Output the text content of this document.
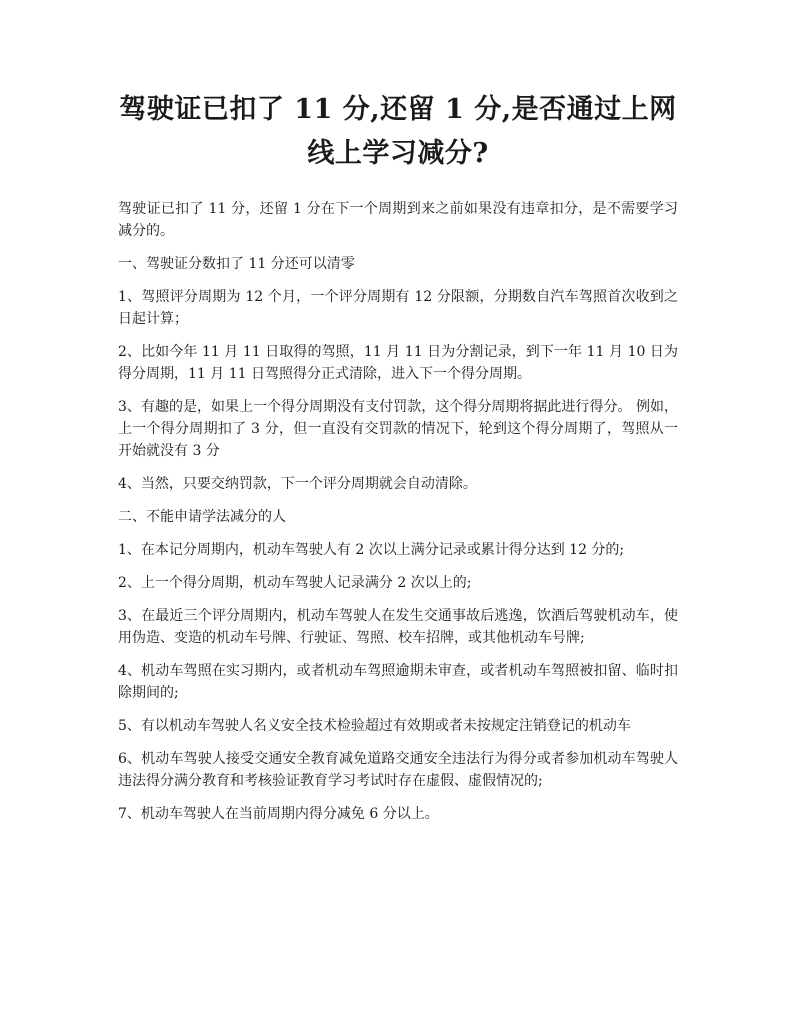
驾驶证已扣了 11 分,还留 1 分,是否通过上网
线上学习减分?

驾驶证已扣了 11 分，还留 1 分在下一个周期到来之前如果没有违章扣分，是不需要学习减分的。

一、驾驶证分数扣了 11 分还可以清零

1、驾照评分周期为 12 个月，一个评分周期有 12 分限额，分期数自汽车驾照首次收到之日起计算；

2、比如今年 11 月 11 日取得的驾照，11 月 11 日为分割记录，到下一年 11 月 10 日为得分周期，11 月 11 日驾照得分正式清除，进入下一个得分周期。

3、有趣的是，如果上一个得分周期没有支付罚款，这个得分周期将据此进行得分。 例如，上一个得分周期扣了 3 分，但一直没有交罚款的情况下，轮到这个得分周期了，驾照从一开始就没有 3 分

4、当然，只要交纳罚款，下一个评分周期就会自动清除。

二、不能申请学法减分的人

1、在本记分周期内，机动车驾驶人有 2 次以上满分记录或累计得分达到 12 分的;

2、上一个得分周期，机动车驾驶人记录满分 2 次以上的;

3、在最近三个评分周期内，机动车驾驶人在发生交通事故后逃逸，饮酒后驾驶机动车，使用伪造、变造的机动车号牌、行驶证、驾照、校车招牌，或其他机动车号牌;

4、机动车驾照在实习期内，或者机动车驾照逾期未审查，或者机动车驾照被扣留、临时扣除期间的;

5、有以机动车驾驶人名义安全技术检验超过有效期或者未按规定注销登记的机动车

6、机动车驾驶人接受交通安全教育减免道路交通安全违法行为得分或者参加机动车驾驶人违法得分满分教育和考核验证教育学习考试时存在虚假、虚假情况的;

7、机动车驾驶人在当前周期内得分减免 6 分以上。
